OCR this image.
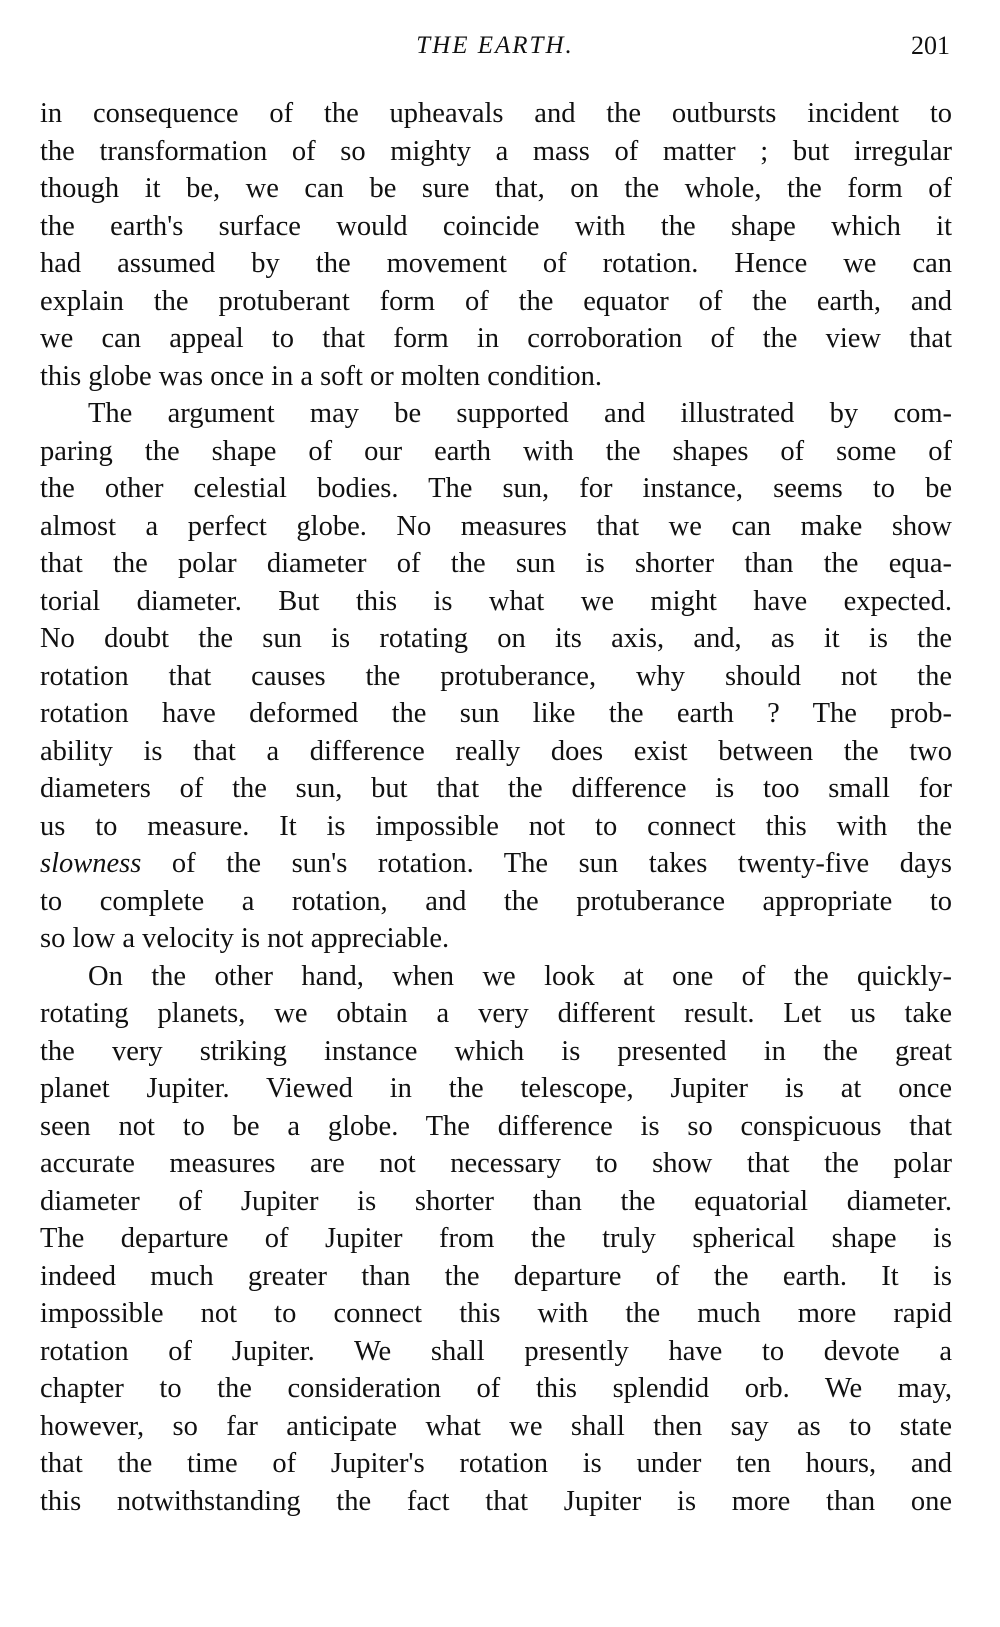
THE EARTH.	201
in consequence of the upheavals and the outbursts incident to
the transformation of so mighty a mass of matter ; but irregular
though it be, we can be sure that, on the whole, the form of
the earth's surface would coincide with the shape which it
had assumed by the movement of rotation. Hence we can
explain the protuberant form of the equator of the earth, and
we can appeal to that form in corroboration of the view that
this globe was once in a soft or molten condition.
The argument may be supported and illustrated by com-
paring the shape of our earth with the shapes of some of
the other celestial bodies. The sun, for instance, seems to be
almost a perfect globe. No measures that we can make show
that the polar diameter of the sun is shorter than the equa-
torial diameter. But this is what we might have expected.
No doubt the sun is rotating on its axis, and, as it is the
rotation that causes the protuberance, why should not the
rotation have deformed the sun like the earth ? The prob-
ability is that a difference really does exist between the two
diameters of the sun, but that the difference is too small for
us to measure. It is impossible not to connect this with the
slowness of the sun's rotation. The sun takes twenty-five days
to complete a rotation, and the protuberance appropriate to
so low a velocity is not appreciable.
On the other hand, when we look at one of the quickly-
rotating planets, we obtain a very different result. Let us take
the very striking instance which is presented in the great
planet Jupiter. Viewed in the telescope, Jupiter is at once
seen not to be a globe. The difference is so conspicuous that
accurate measures are not necessary to show that the polar
diameter of Jupiter is shorter than the equatorial diameter.
The departure of Jupiter from the truly spherical shape is
indeed much greater than the departure of the earth. It is
impossible not to connect this with the much more rapid
rotation of Jupiter. We shall presently have to devote a
chapter to the consideration of this splendid orb. We may,
however, so far anticipate what we shall then say as to state
that the time of Jupiter's rotation is under ten hours, and
this notwithstanding the fact that Jupiter is more than one
